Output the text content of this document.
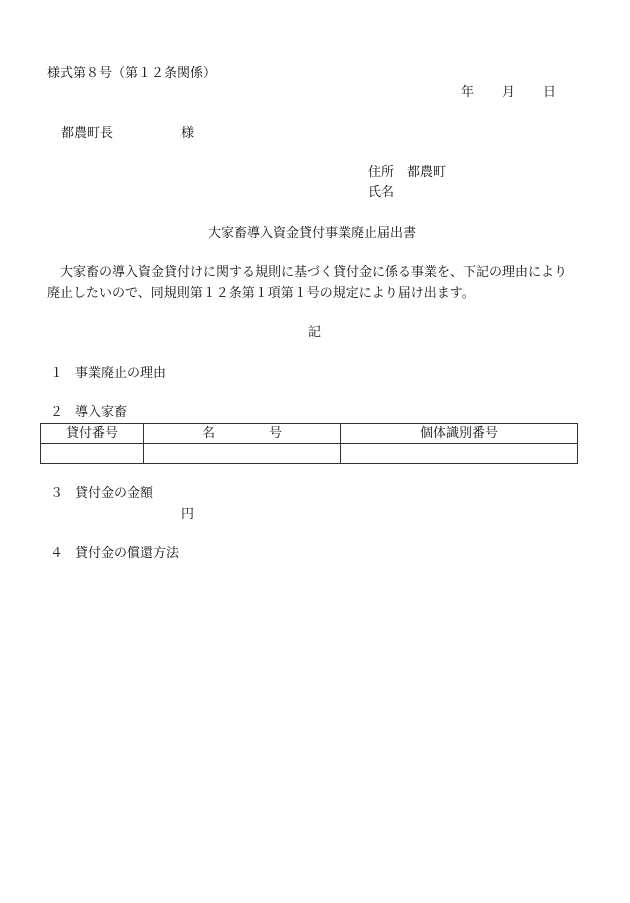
様式第８号（第１２条関係）
年 月 日
都農町長	様
住所 都農町
氏名
大家畜導入資金貸付事業廃止届出書
大家畜の導入資金貸付けに関する規則に基づく貸付金に係る事業を、下記の理由により
廃止したいので、同規則第１２条第１項第１号の規定により届け出ます。
記
１ 事業廃止の理由
２ 導入家畜
貸付番号	名 号	個体識別番号

３ 貸付金の金額
円
４ 貸付金の償還方法
